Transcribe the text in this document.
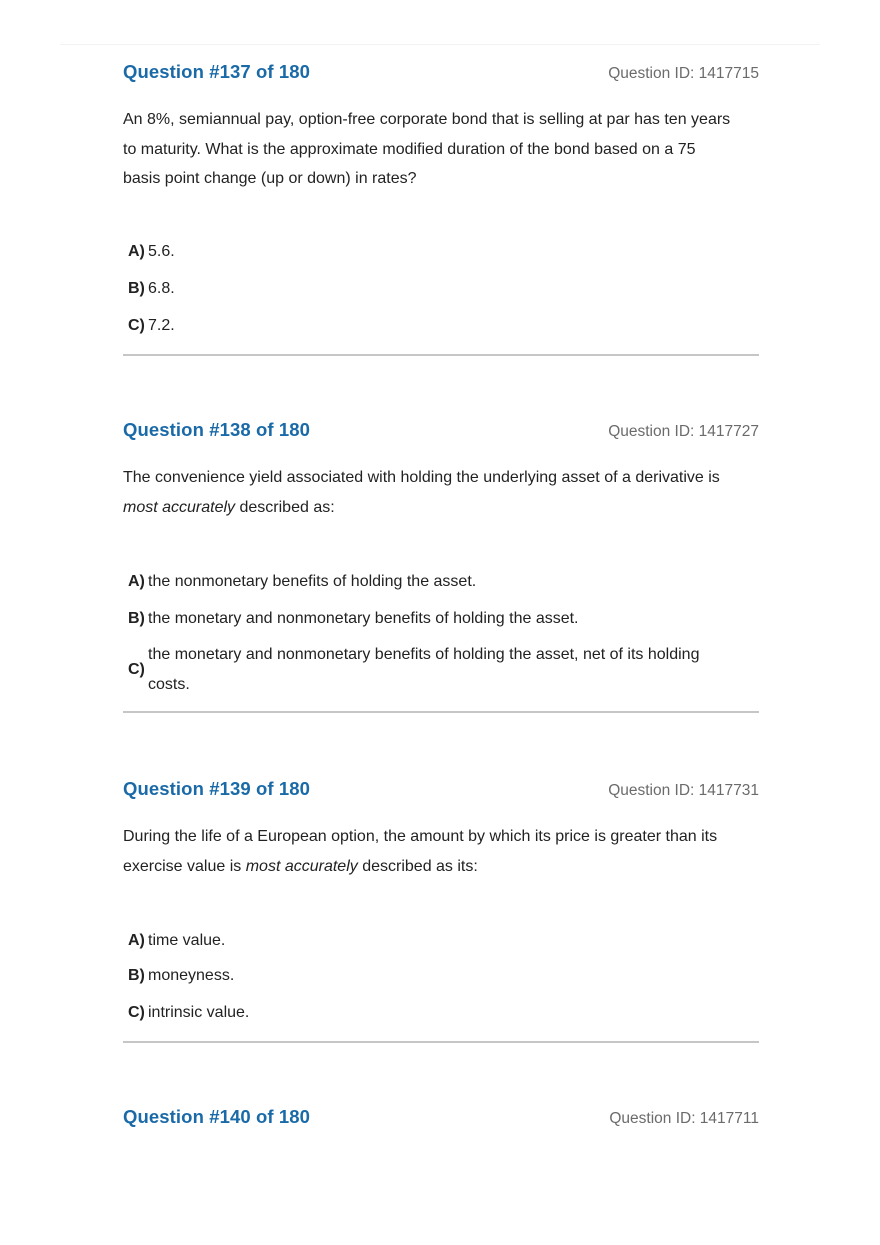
Question #137 of 180	Question ID: 1417715
An 8%, semiannual pay, option-free corporate bond that is selling at par has ten years
to maturity. What is the approximate modified duration of the bond based on a 75
basis point change (up or down) in rates?
A) 5.6.
B) 6.8.
C) 7.2.
Question #138 of 180	Question ID: 1417727
The convenience yield associated with holding the underlying asset of a derivative is
most accurately described as:
A) the nonmonetary benefits of holding the asset.
B) the monetary and nonmonetary benefits of holding the asset.
C)
the monetary and nonmonetary benefits of holding the asset, net of its holding
costs.
Question #139 of 180	Question ID: 1417731
During the life of a European option, the amount by which its price is greater than its
exercise value is most accurately described as its:
A) time value.
B) moneyness.
C) intrinsic value.
Question #140 of 180	Question ID: 1417711
